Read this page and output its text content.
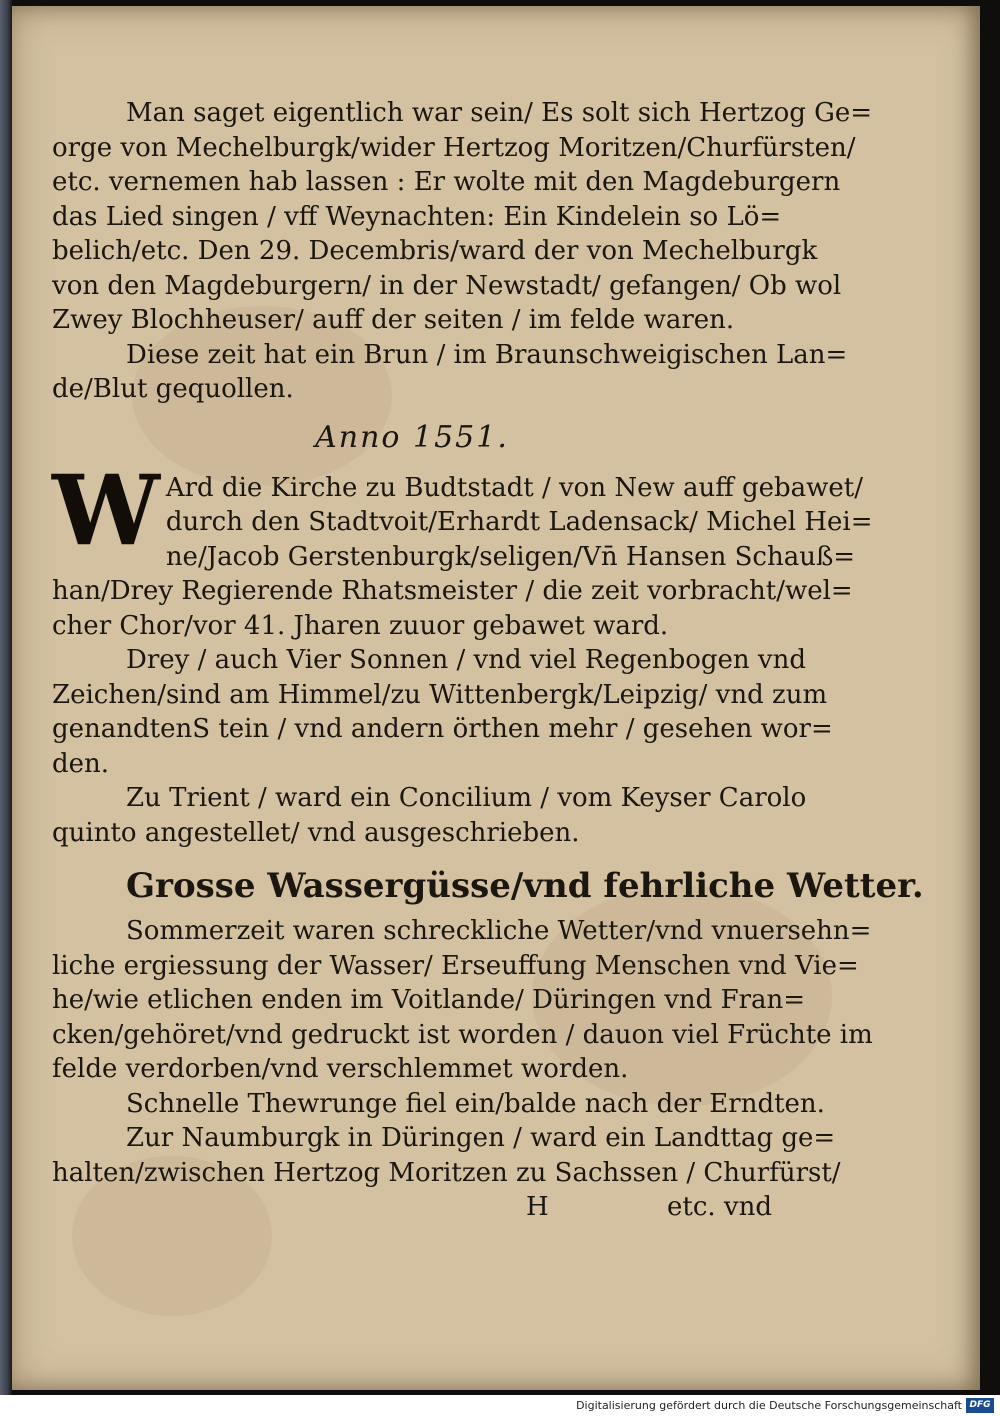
Man saget eigentlich war sein/ Es solt sich Hertzog Ge=
orge von Mechelburgk/wider Hertzog Moritzen/Churfürsten/
etc. vernemen hab lassen : Er wolte mit den Magdeburgern
das Lied singen / vff Weynachten: Ein Kindelein so Lö=
belich/etc. Den 29. Decembris/ward der von Mechelburgk
von den Magdeburgern/ in der Newstadt/ gefangen/ Ob wol
Zwey Blochheuser/ auff der seiten / im felde waren.
Diese zeit hat ein Brun / im Braunschweigischen Lan=
de/Blut gequollen.
Anno 1551.
W Ard die Kirche zu Budtstadt / von New auff gebawet/
durch den Stadtvoit/Erhardt Ladensack/ Michel Hei=
ne/Jacob Gerstenburgk/seligen/Vn̄ Hansen Schauß=
han/Drey Regierende Rhatsmeister / die zeit vorbracht/wel=
cher Chor/vor 41. Jharen zuuor gebawet ward.
Drey / auch Vier Sonnen / vnd viel Regenbogen vnd
Zeichen/sind am Himmel/zu Wittenbergk/Leipzig/ vnd zum
genandtenS tein / vnd andern örthen mehr / gesehen wor=
den.
Zu Trient / ward ein Concilium / vom Keyser Carolo
quinto angestellet/ vnd ausgeschrieben.
Grosse Wassergüsse/vnd fehrliche Wetter.
Sommerzeit waren schreckliche Wetter/vnd vnuersehn=
liche ergiessung der Wasser/ Erseuffung Menschen vnd Vie=
he/wie etlichen enden im Voitlande/ Düringen vnd Fran=
cken/gehöret/vnd gedruckt ist worden / dauon viel Früchte im
felde verdorben/vnd verschlemmet worden.
Schnelle Thewrunge fiel ein/balde nach der Erndten.
Zur Naumburgk in Düringen / ward ein Landttag ge=
halten/zwischen Hertzog Moritzen zu Sachssen / Churfürst/
H	etc. vnd
Digitalisierung gefördert durch die Deutsche Forschungsgemeinschaft DFG
